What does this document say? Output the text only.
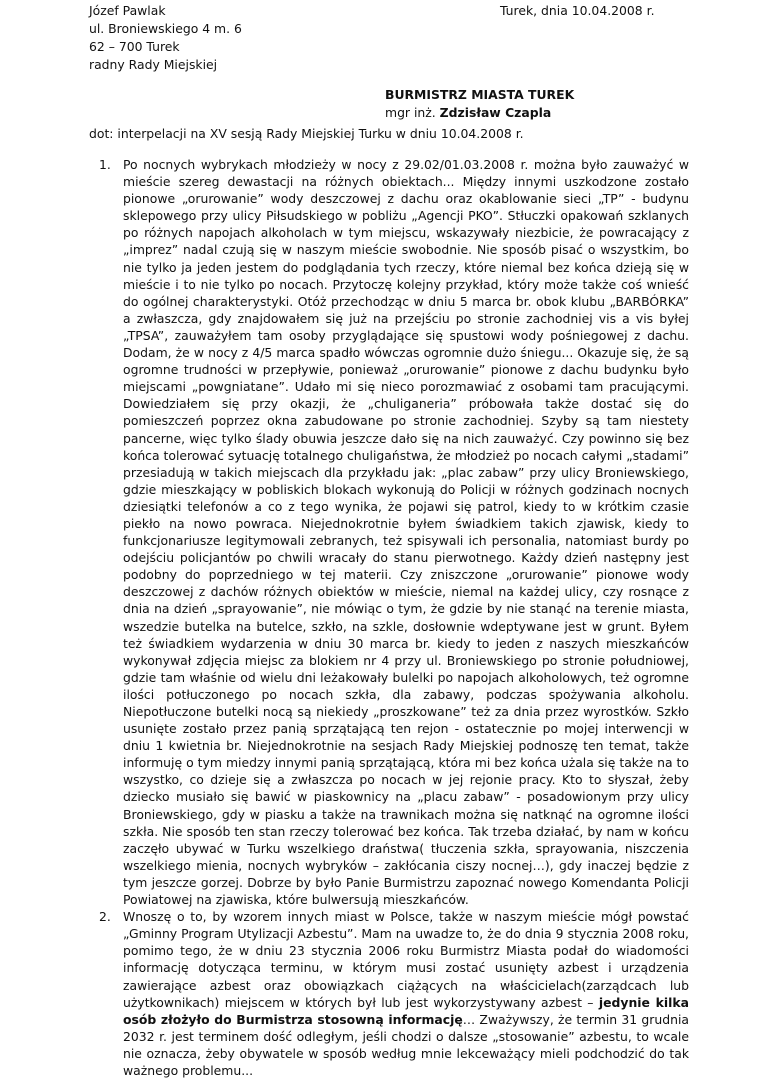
Józef Pawlak
ul. Broniewskiego 4 m. 6
62 – 700 Turek
radny Rady Miejskiej
Turek, dnia 10.04.2008 r.
BURMISTRZ MIASTA TUREK
mgr inż. Zdzisław Czapla
dot: interpelacji na XV sesją Rady Miejskiej Turku w dniu 10.04.2008 r.
1. Po nocnych wybrykach młodzieży w nocy z 29.02/01.03.2008 r. można było zauważyć w mieście szereg dewastacji na różnych obiektach... Między innymi uszkodzone zostało pionowe „orurowanie” wody deszczowej z dachu oraz okablowanie sieci „TP” - budynu sklepowego przy ulicy Piłsudskiego w pobliżu „Agencji PKO”. Stłuczki opakowań szklanych po różnych napojach alkoholach w tym miejscu, wskazywały niezbicie, że powracający z „imprez” nadal czują się w naszym mieście swobodnie. Nie sposób pisać o wszystkim, bo nie tylko ja jeden jestem do podglądania tych rzeczy, które niemal bez końca dzieją się w mieście i to nie tylko po nocach. Przytoczę kolejny przykład, który może także coś wnieść do ogólnej charakterystyki. Otóż przechodząc w dniu 5 marca br. obok klubu „BARBÓRKA” a zwłaszcza, gdy znajdowałem się już na przejściu po stronie zachodniej vis a vis byłej „TPSA”, zauważyłem tam osoby przyglądające się spustowi wody pośniegowej z dachu. Dodam, że w nocy z 4/5 marca spadło wówczas ogromnie dużo śniegu... Okazuje się, że są ogromne trudności w przepływie, ponieważ „orurowanie” pionowe z dachu budynku było miejscami „powgniatane”. Udało mi się nieco porozmawiać z osobami tam pracującymi. Dowiedziałem się przy okazji, że „chuliganeria” próbowała także dostać się do pomieszczeń poprzez okna zabudowane po stronie zachodniej. Szyby są tam niestety pancerne, więc tylko ślady obuwia jeszcze dało się na nich zauważyć. Czy powinno się bez końca tolerować sytuację totalnego chuligaństwa, że młodzież po nocach całymi „stadami” przesiadują w takich miejscach dla przykładu jak: „plac zabaw” przy ulicy Broniewskiego, gdzie mieszkający w pobliskich blokach wykonują do Policji w różnych godzinach nocnych dziesiątki telefonów a co z tego wynika, że pojawi się patrol, kiedy to w krótkim czasie piekło na nowo powraca. Niejednokrotnie byłem świadkiem takich zjawisk, kiedy to funkcjonariusze legitymowali zebranych, też spisywali ich personalia, natomiast burdy po odejściu policjantów po chwili wracały do stanu pierwotnego. Każdy dzień następny jest podobny do poprzedniego w tej materii. Czy zniszczone „orurowanie” pionowe wody deszczowej z dachów różnych obiektów w mieście, niemal na każdej ulicy, czy rosnące z dnia na dzień „sprayowanie”, nie mówiąc o tym, że gdzie by nie stanąć na terenie miasta, wszedzie butelka na butelce, szkło, na szkle, dosłownie wdeptywane jest w grunt. Byłem też świadkiem wydarzenia w dniu 30 marca br. kiedy to jeden z naszych mieszkańców wykonywał zdjęcia miejsc za blokiem nr 4 przy ul. Broniewskiego po stronie południowej, gdzie tam właśnie od wielu dni leżakowały bulelki po napojach alkoholowych, też ogromne ilości potłuczonego po nocach szkła, dla zabawy, podczas spożywania alkoholu. Niepotłuczone butelki nocą są niekiedy „proszkowane” też za dnia przez wyrostków. Szkło usunięte zostało przez panią sprzątającą ten rejon - ostatecznie po mojej interwencji w dniu 1 kwietnia br. Niejednokrotnie na sesjach Rady Miejskiej podnoszę ten temat, także informuję o tym miedzy innymi panią sprzątającą, która mi bez końca użala się także na to wszystko, co dzieje się a zwłaszcza po nocach w jej rejonie pracy. Kto to słyszał, żeby dziecko musiało się bawić w piaskownicy na „placu zabaw” - posadowionym przy ulicy Broniewskiego, gdy w piasku a także na trawnikach można się natknąć na ogromne ilości szkła. Nie sposób ten stan rzeczy tolerować bez końca. Tak trzeba działać, by nam w końcu zaczęło ubywać w Turku wszelkiego draństwa( tłuczenia szkła, sprayowania, niszczenia wszelkiego mienia, nocnych wybryków – zakłócania ciszy nocnej…), gdy inaczej będzie z tym jeszcze gorzej. Dobrze by było Panie Burmistrzu zapoznać nowego Komendanta Policji Powiatowej na zjawiska, które bulwersują mieszkańców.
2. Wnoszę o to, by wzorem innych miast w Polsce, także w naszym mieście mógł powstać „Gminny Program Utylizacji Azbestu”. Mam na uwadze to, że do dnia 9 stycznia 2008 roku, pomimo tego, że w dniu 23 stycznia 2006 roku Burmistrz Miasta podał do wiadomości informację dotycząca terminu, w którym musi zostać usunięty azbest i urządzenia zawierające azbest oraz obowiązkach ciążących na właścicielach(zarządcach lub użytkownikach) miejscem w których był lub jest wykorzystywany azbest – jedynie kilka osób złożyło do Burmistrza stosowną informację… Zważywszy, że termin 31 grudnia 2032 r. jest terminem dość odległym, jeśli chodzi o dalsze „stosowanie” azbestu, to wcale nie oznacza, żeby obywatele w sposób według mnie lekceważący mieli podchodzić do tak ważnego problemu...
